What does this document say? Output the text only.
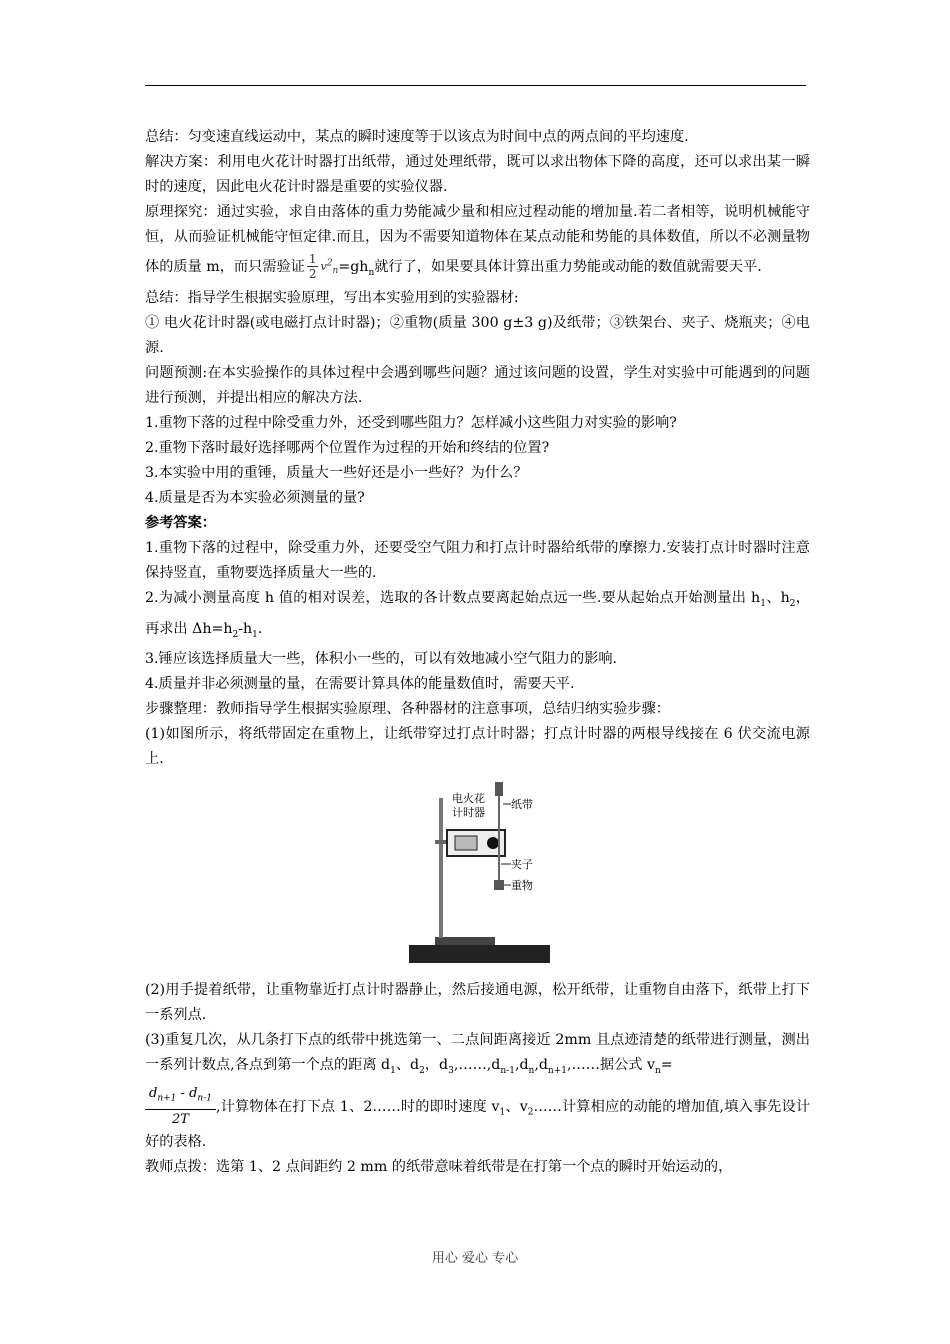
总结：匀变速直线运动中，某点的瞬时速度等于以该点为时间中点的两点间的平均速度.

解决方案：利用电火花计时器打出纸带，通过处理纸带，既可以求出物体下降的高度，还可以求出某一瞬时的速度，因此电火花计时器是重要的实验仪器.

原理探究：通过实验，求自由落体的重力势能减少量和相应过程动能的增加量.若二者相等，说明机械能守恒，从而验证机械能守恒定律.而且，因为不需要知道物体在某点动能和势能的具体数值，所以不必测量物体的质量 m，而只需验证 $\frac{1}{2} v^2_n=gh_n$就行了，如果要具体计算出重力势能或动能的数值就需要天平.

总结：指导学生根据实验原理，写出本实验用到的实验器材:

① 电火花计时器(或电磁打点计时器)；②重物(质量 300 g±3 g)及纸带；③铁架台、夹子、烧瓶夹；④电源.

问题预测:在本实验操作的具体过程中会遇到哪些问题？通过该问题的设置，学生对实验中可能遇到的问题进行预测，并提出相应的解决方法.

1.重物下落的过程中除受重力外，还受到哪些阻力？怎样减小这些阻力对实验的影响?

2.重物下落时最好选择哪两个位置作为过程的开始和终结的位置?

3.本实验中用的重锤，质量大一些好还是小一些好？为什么？

4.质量是否为本实验必须测量的量?

参考答案：

1.重物下落的过程中，除受重力外，还要受空气阻力和打点计时器给纸带的摩擦力.安装打点计时器时注意保持竖直，重物要选择质量大一些的.

2.为减小测量高度 h 值的相对误差，选取的各计数点要离起始点远一些.要从起始点开始测量出 $h_1$、$h_2$，再求出 $\Delta h=h_2-h_1$.

3.锤应该选择质量大一些，体积小一些的，可以有效地减小空气阻力的影响.

4.质量并非必须测量的量，在需要计算具体的能量数值时，需要天平.

步骤整理：教师指导学生根据实验原理、各种器材的注意事项，总结归纳实验步骤：

(1)如图所示，将纸带固定在重物上，让纸带穿过打点计时器；打点计时器的两根导线接在 6 伏交流电源上.

电火花
计时器
纸带
夹子
重物

(2)用手提着纸带，让重物靠近打点计时器静止，然后接通电源，松开纸带，让重物自由落下，纸带上打下一系列点.

(3)重复几次，从几条打下点的纸带中挑选第一、二点间距离接近 2mm 且点迹清楚的纸带进行测量，测出一系列计数点,各点到第一个点的距离 $d_1$、$d_2$，$d_3,\dots\dots,d_{n-1},d_n,d_{n+1},\dots\dots$据公式 $v_n=$

$\frac{d_{n+1} - d_{n-1}}{2T}$ ,计算物体在打下点 1、2……时的即时速度 $v_1$、$v_2\dots\dots$计算相应的动能的增加值,填入事先设计好的表格.

教师点拨：选第 1、2 点间距约 2 mm 的纸带意味着纸带是在打第一个点的瞬时开始运动的，

用心 爱心 专心
